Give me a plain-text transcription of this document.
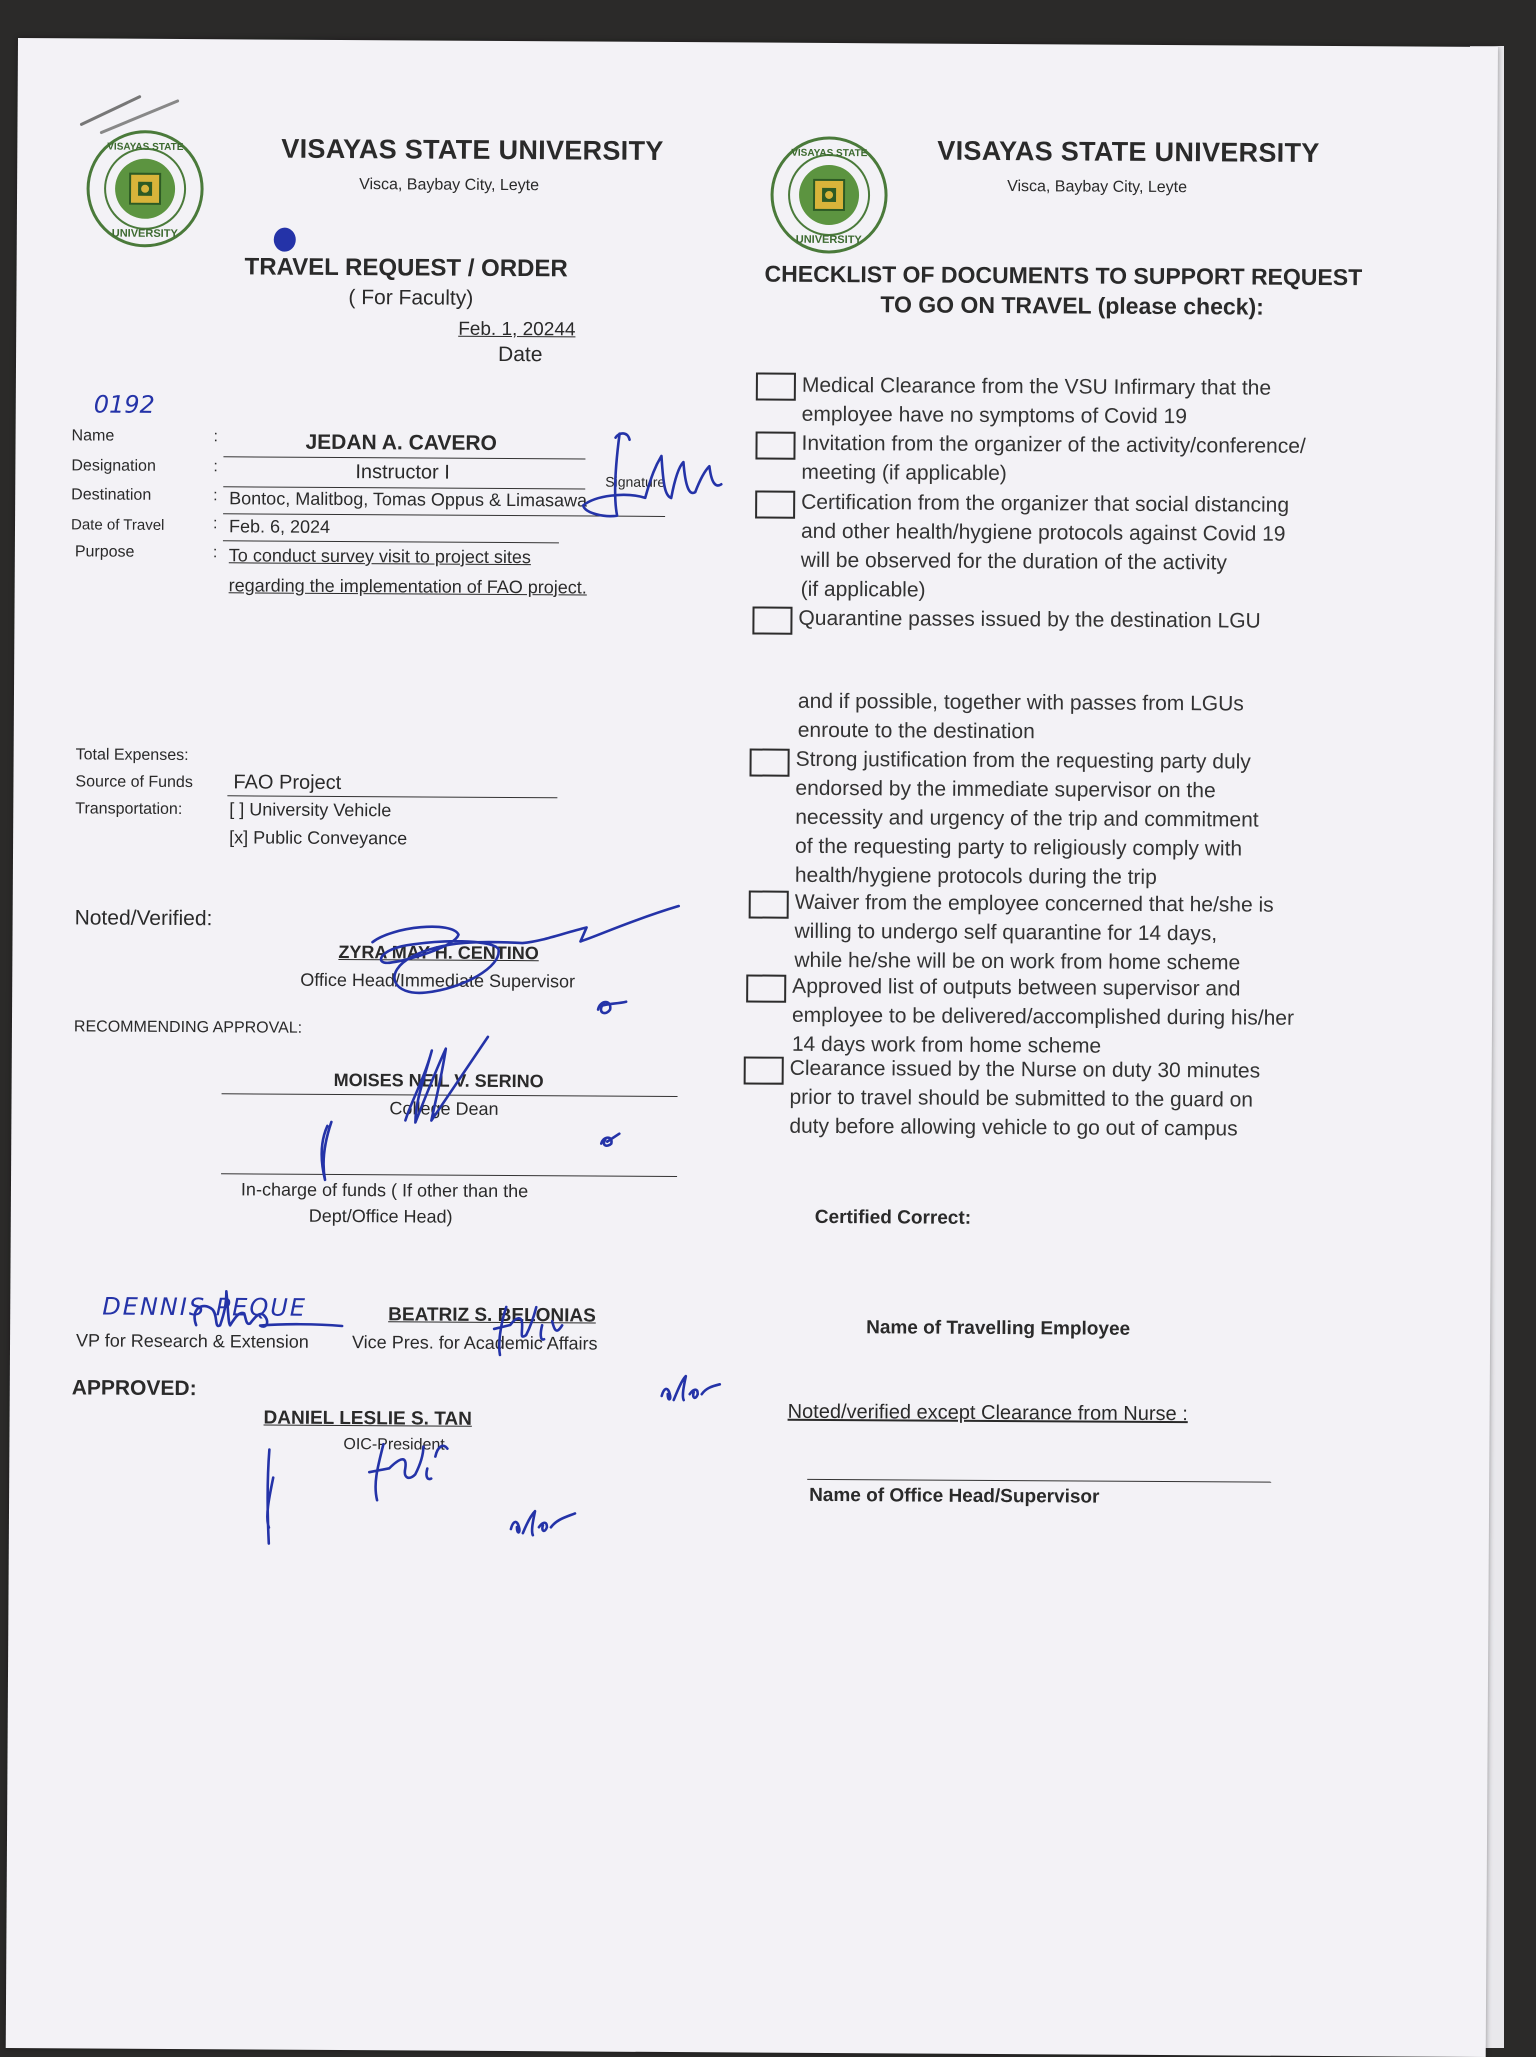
VISAYAS STATE
UNIVERSITY
VISAYAS STATE UNIVERSITY
Visca, Baybay City, Leyte
TRAVEL REQUEST / ORDER
( For Faculty)
Feb. 1, 20244
Date
0192
Name	:	JEDAN A. CAVERO
Designation	:	Instructor I	Signature
Destination	: Bontoc, Malitbog, Tomas Oppus & Limasawa
Date of Travel	: Feb. 6, 2024
Purpose	: To conduct survey visit to project sites
regarding the implementation of FAO project.
Total Expenses:
Source of Funds FAO Project
Transportation:	[ ] University Vehicle
[x] Public Conveyance
Noted/Verified:
ZYRA MAY H. CENTINO
Office Head/Immediate Supervisor
RECOMMENDING APPROVAL:
MOISES NEIL V. SERINO
College Dean
In-charge of funds ( If other than the
Dept/Office Head)
DENNIS PEQUE
VP for Research & Extension
BEATRIZ S. BELONIAS
Vice Pres. for Academic Affairs
APPROVED:
DANIEL LESLIE S. TAN
OIC-President
VISAYAS STATE
UNIVERSITY
VISAYAS STATE UNIVERSITY
Visca, Baybay City, Leyte
CHECKLIST OF DOCUMENTS TO SUPPORT REQUEST
TO GO ON TRAVEL (please check):
Medical Clearance from the VSU Infirmary that the
employee have no symptoms of Covid 19
Invitation from the organizer of the activity/conference/
meeting (if applicable)
Certification from the organizer that social distancing
and other health/hygiene protocols against Covid 19
will be observed for the duration of the activity
(if applicable)
Quarantine passes issued by the destination LGU
and if possible, together with passes from LGUs
enroute to the destination
Strong justification from the requesting party duly
endorsed by the immediate supervisor on the
necessity and urgency of the trip and commitment
of the requesting party to religiously comply with
health/hygiene protocols during the trip
Waiver from the employee concerned that he/she is
willing to undergo self quarantine for 14 days,
while he/she will be on work from home scheme
Approved list of outputs between supervisor and
employee to be delivered/accomplished during his/her
14 days work from home scheme
Clearance issued by the Nurse on duty 30 minutes
prior to travel should be submitted to the guard on
duty before allowing vehicle to go out of campus
Certified Correct:
Name of Travelling Employee
Noted/verified except Clearance from Nurse :
Name of Office Head/Supervisor
